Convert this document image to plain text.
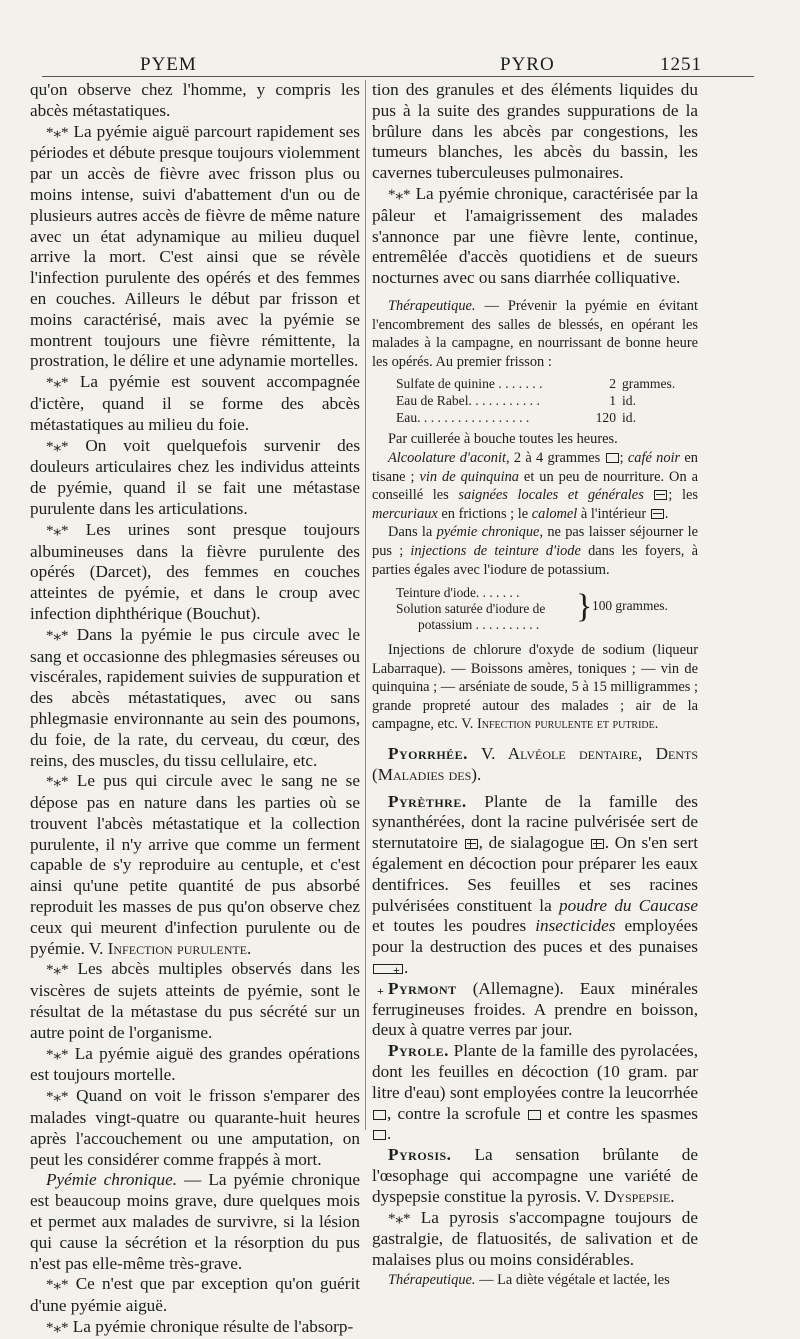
PYEM	PYRO	1251

qu'on observe chez l'homme, y compris les abcès métastatiques.

*⁎* La pyémie aiguë parcourt rapidement ses périodes et débute presque toujours violemment par un accès de fièvre avec frisson plus ou moins intense, suivi d'abattement d'un ou de plusieurs autres accès de fièvre de même nature avec un état adynamique au milieu duquel arrive la mort. C'est ainsi que se révèle l'infection purulente des opérés et des femmes en couches. Ailleurs le début par frisson et moins caractérisé, mais avec la pyémie se montrent toujours une fièvre rémittente, la prostration, le délire et une adynamie mortelles.

*⁎* La pyémie est souvent accompagnée d'ictère, quand il se forme des abcès métastatiques au milieu du foie.

*⁎* On voit quelquefois survenir des douleurs articulaires chez les individus atteints de pyémie, quand il se fait une métastase purulente dans les articulations.

*⁎* Les urines sont presque toujours albumineuses dans la fièvre purulente des opérés (Darcet), des femmes en couches atteintes de pyémie, et dans le croup avec infection diphthérique (Bouchut).

*⁎* Dans la pyémie le pus circule avec le sang et occasionne des phlegmasies séreuses ou viscérales, rapidement suivies de suppuration et des abcès métastatiques, avec ou sans phlegmasie environnante au sein des poumons, du foie, de la rate, du cerveau, du cœur, des reins, des muscles, du tissu cellulaire, etc.

*⁎* Le pus qui circule avec le sang ne se dépose pas en nature dans les parties où se trouvent l'abcès métastatique et la collection purulente, il n'y arrive que comme un ferment capable de s'y reproduire au centuple, et c'est ainsi qu'une petite quantité de pus absorbé reproduit les masses de pus qu'on observe chez ceux qui meurent d'infection purulente ou de pyémie. V. Infection purulente.

*⁎* Les abcès multiples observés dans les viscères de sujets atteints de pyémie, sont le résultat de la métastase du pus sécrété sur un autre point de l'organisme.

*⁎* La pyémie aiguë des grandes opérations est toujours mortelle.

*⁎* Quand on voit le frisson s'emparer des malades vingt-quatre ou quarante-huit heures après l'accouchement ou une amputation, on peut les considérer comme frappés à mort.

Pyémie chronique. — La pyémie chronique est beaucoup moins grave, dure quelques mois et permet aux malades de survivre, si la lésion qui cause la sécrétion et la résorption du pus n'est pas elle-même très-grave.

*⁎* Ce n'est que par exception qu'on guérit d'une pyémie aiguë.

*⁎* La pyémie chronique résulte de l'absorp-

tion des granules et des éléments liquides du pus à la suite des grandes suppurations de la brûlure dans les abcès par congestions, les tumeurs blanches, les abcès du bassin, les cavernes tuberculeuses pulmonaires.

*⁎* La pyémie chronique, caractérisée par la pâleur et l'amaigrissement des malades s'annonce par une fièvre lente, continue, entremêlée d'accès quotidiens et de sueurs nocturnes avec ou sans diarrhée colliquative.

Thérapeutique. — Prévenir la pyémie en évitant l'encombrement des salles de blessés, en opérant les malades à la campagne, en nourrissant de bonne heure les opérés. Au premier frisson :

Sulfate de quinine . . . . . . .	2 grammes.
Eau de Rabel. . . . . . . . . . .	1 id.
Eau. . . . . . . . . . . . . . . . .	120 id.

Par cuillerée à bouche toutes les heures.

Alcoolature d'aconit, 2 à 4 grammes ; café noir en tisane ; vin de quinquina et un peu de nourriture. On a conseillé les saignées locales et générales ; les mercuriaux en frictions ; le calomel à l'intérieur .

Dans la pyémie chronique, ne pas laisser séjourner le pus ; injections de teinture d'iode dans les foyers, à parties égales avec l'iodure de potassium.

Teinture d'iode. . . . . . .
Solution saturée d'iodure de
potassium . . . . . . . . . .	} 100 grammes.

Injections de chlorure d'oxyde de sodium (liqueur Labarraque). — Boissons amères, toniques ; — vin de quinquina ; — arséniate de soude, 5 à 15 milligrammes ; grande propreté autour des malades ; air de la campagne, etc. V. Infection purulente et putride.

Pyorrhée. V. Alvéole dentaire, Dents (Maladies des).

Pyrèthre. Plante de la famille des synanthérées, dont la racine pulvérisée sert de sternutatoire , de sialagogue . On s'en sert également en décoction pour préparer les eaux dentifrices. Ses feuilles et ses racines pulvérisées constituent la poudre du Caucase et toutes les poudres insecticides employées pour la destruction des puces et des punaises + +.

Pyrmont (Allemagne). Eaux minérales ferrugineuses froides. A prendre en boisson, deux à quatre verres par jour.

Pyrole. Plante de la famille des pyrolacées, dont les feuilles en décoction (10 gram. par litre d'eau) sont employées contre la leucorrhée, contre la scrofule  et contre les spasmes .

Pyrosis. La sensation brûlante de l'œsophage qui accompagne une variété de dyspepsie constitue la pyrosis. V. Dyspepsie.

*⁎* La pyrosis s'accompagne toujours de gastralgie, de flatuosités, de salivation et de malaises plus ou moins considérables.

Thérapeutique. — La diète végétale et lactée, les
